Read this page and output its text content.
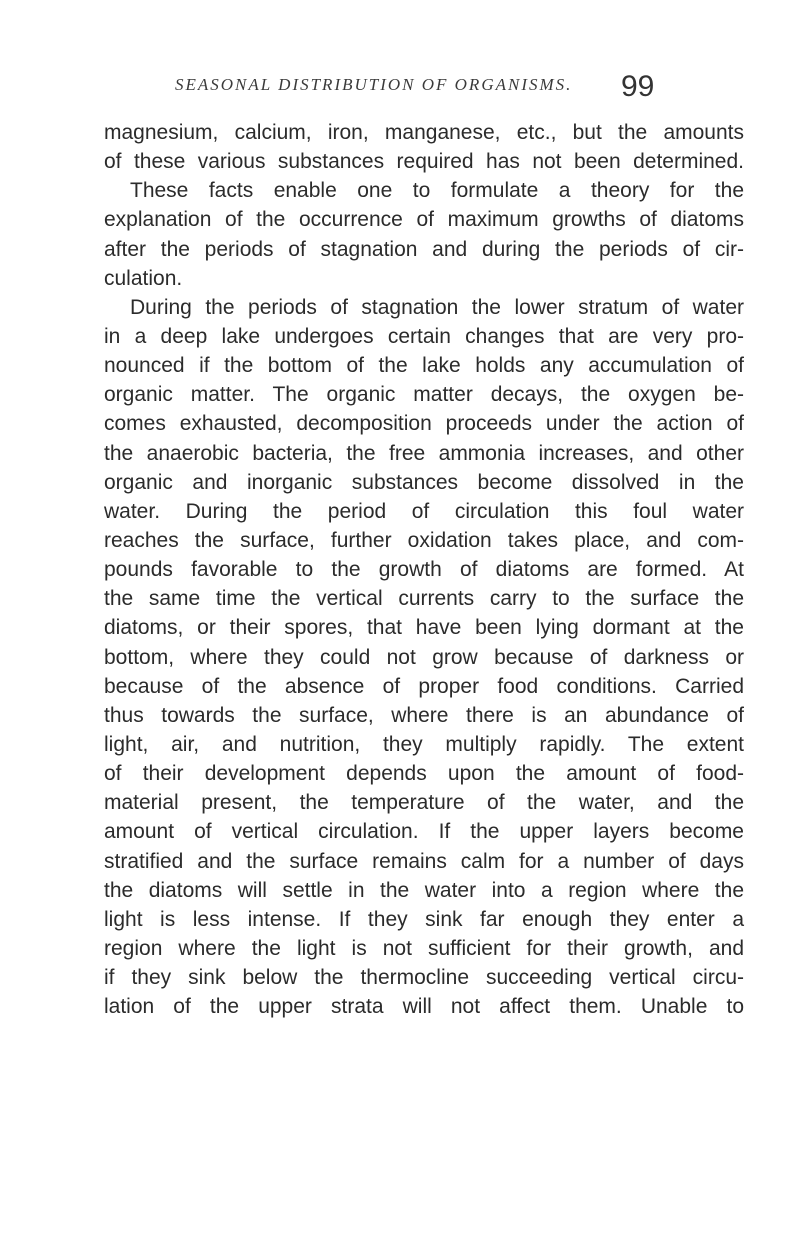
SEASONAL DISTRIBUTION OF ORGANISMS. 99
magnesium, calcium, iron, manganese, etc., but the amounts
of these various substances required has not been determined.
These facts enable one to formulate a theory for the
explanation of the occurrence of maximum growths of diatoms
after the periods of stagnation and during the periods of cir-
culation.
During the periods of stagnation the lower stratum of water
in a deep lake undergoes certain changes that are very pro-
nounced if the bottom of the lake holds any accumulation of
organic matter. The organic matter decays, the oxygen be-
comes exhausted, decomposition proceeds under the action of
the anaerobic bacteria, the free ammonia increases, and other
organic and inorganic substances become dissolved in the
water. During the period of circulation this foul water
reaches the surface, further oxidation takes place, and com-
pounds favorable to the growth of diatoms are formed. At
the same time the vertical currents carry to the surface the
diatoms, or their spores, that have been lying dormant at the
bottom, where they could not grow because of darkness or
because of the absence of proper food conditions. Carried
thus towards the surface, where there is an abundance of
light, air, and nutrition, they multiply rapidly. The extent
of their development depends upon the amount of food-
material present, the temperature of the water, and the
amount of vertical circulation. If the upper layers become
stratified and the surface remains calm for a number of days
the diatoms will settle in the water into a region where the
light is less intense. If they sink far enough they enter a
region where the light is not sufficient for their growth, and
if they sink below the thermocline succeeding vertical circu-
lation of the upper strata will not affect them. Unable to
